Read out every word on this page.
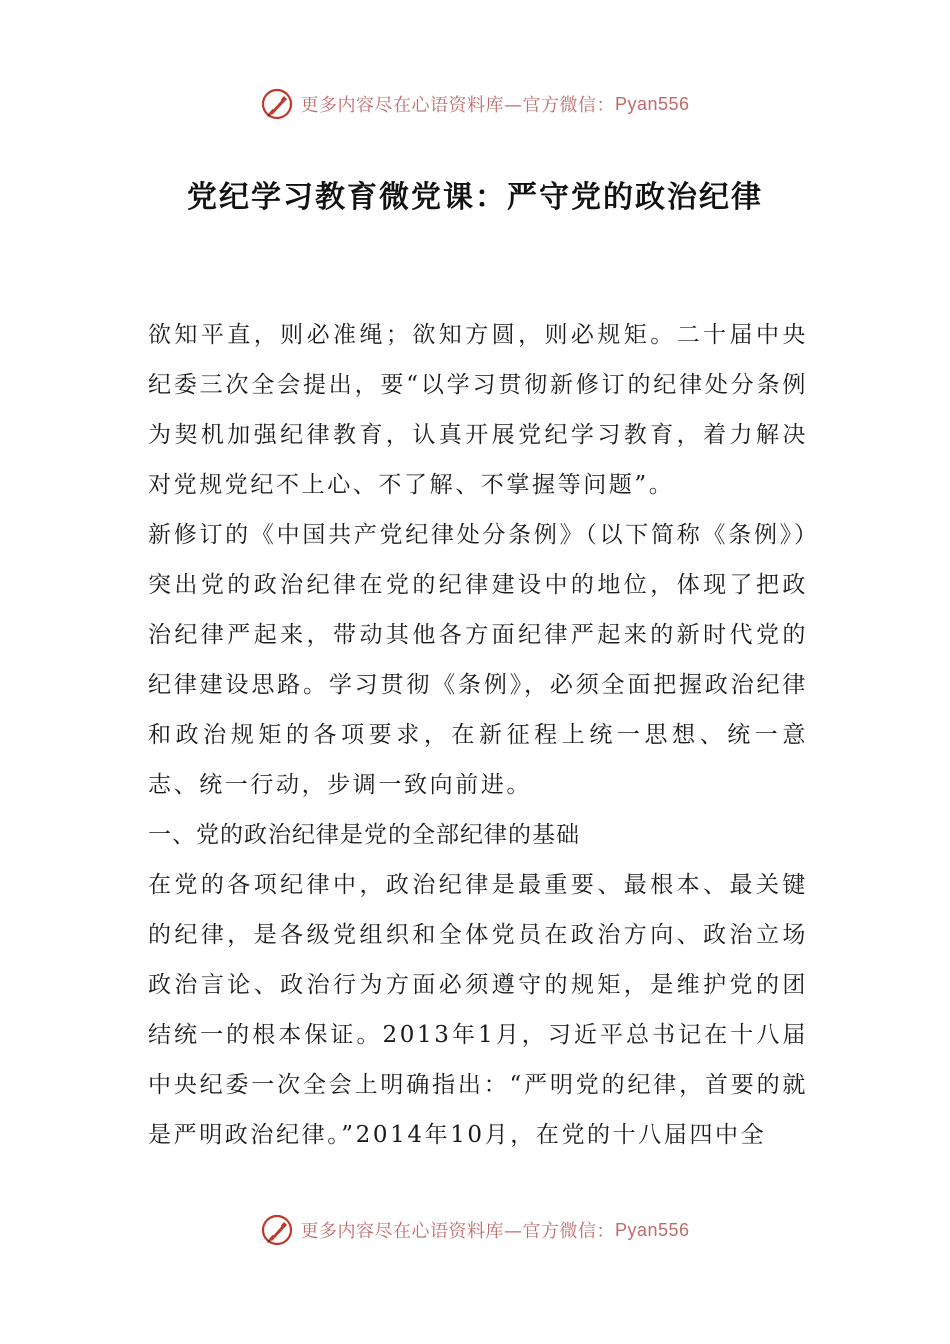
更多内容尽在心语资料库—官方微信： Pyan556
党纪学习教育微党课：严守党的政治纪律

欲知平直，则必准绳；欲知方圆，则必规矩。二十届中央纪委三次全会提出，要“以学习贯彻新修订的纪律处分条例为契机加强纪律教育，认真开展党纪学习教育，着力解决对党规党纪不上心、不了解、不掌握等问题”。

新修订的《中国共产党纪律处分条例》（以下简称《条例》）突出党的政治纪律在党的纪律建设中的地位，体现了把政治纪律严起来，带动其他各方面纪律严起来的新时代党的纪律建设思路。学习贯彻《条例》，必须全面把握政治纪律和政治规矩的各项要求，在新征程上统一思想、统一意志、统一行动，步调一致向前进。

一、党的政治纪律是党的全部纪律的基础

在党的各项纪律中，政治纪律是最重要、最根本、最关键的纪律，是各级党组织和全体党员在政治方向、政治立场政治言论、政治行为方面必须遵守的规矩，是维护党的团结统一的根本保证。2013年1月，习近平总书记在十八届中央纪委一次全会上明确指出：“严明党的纪律，首要的就是严明政治纪律。”2014年10月，在党的十八届四中全

更多内容尽在心语资料库—官方微信： Pyan556
